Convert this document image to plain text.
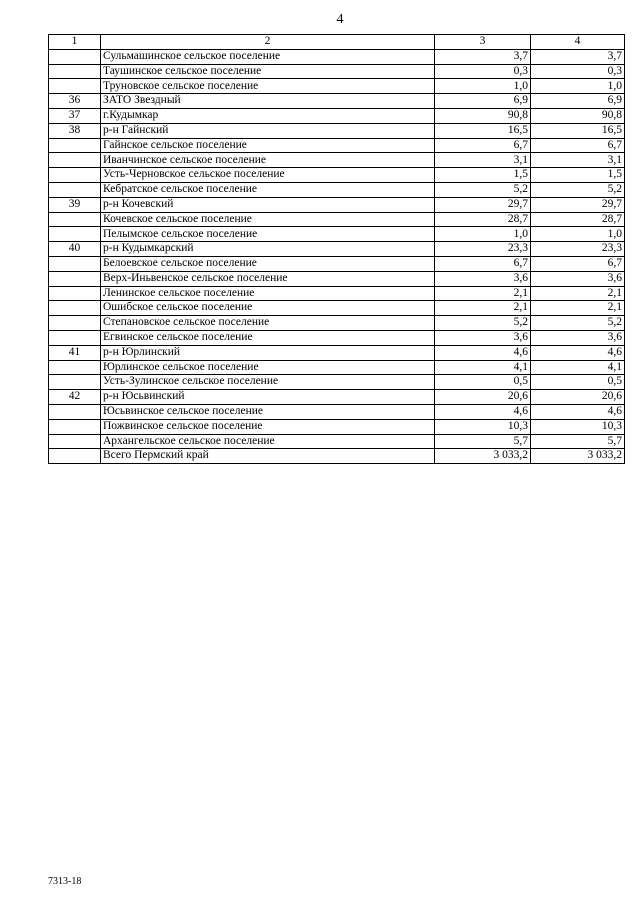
4
1	2	3	4
	Сульмашинское сельское поселение	3,7	3,7
	Таушинское сельское поселение	0,3	0,3
	Труновское сельское поселение	1,0	1,0
36	ЗАТО Звездный	6,9	6,9
37	г.Кудымкар	90,8	90,8
38	р-н Гайнский	16,5	16,5
	Гайнское сельское поселение	6,7	6,7
	Иванчинское сельское поселение	3,1	3,1
	Усть-Черновское сельское поселение	1,5	1,5
	Кебратское сельское поселение	5,2	5,2
39	р-н Кочевский	29,7	29,7
	Кочевское сельское поселение	28,7	28,7
	Пелымское сельское поселение	1,0	1,0
40	р-н Кудымкарский	23,3	23,3
	Белоевское сельское поселение	6,7	6,7
	Верх-Иньвенское сельское поселение	3,6	3,6
	Ленинское сельское поселение	2,1	2,1
	Ошибское сельское поселение	2,1	2,1
	Степановское сельское поселение	5,2	5,2
	Егвинское сельское поселение	3,6	3,6
41	р-н Юрлинский	4,6	4,6
	Юрлинское сельское поселение	4,1	4,1
	Усть-Зулинское сельское поселение	0,5	0,5
42	р-н Юсьвинский	20,6	20,6
	Юсьвинское сельское поселение	4,6	4,6
	Пожвинское сельское поселение	10,3	10,3
	Архангельское сельское поселение	5,7	5,7
	Всего Пермский край	3 033,2	3 033,2
7313-18
